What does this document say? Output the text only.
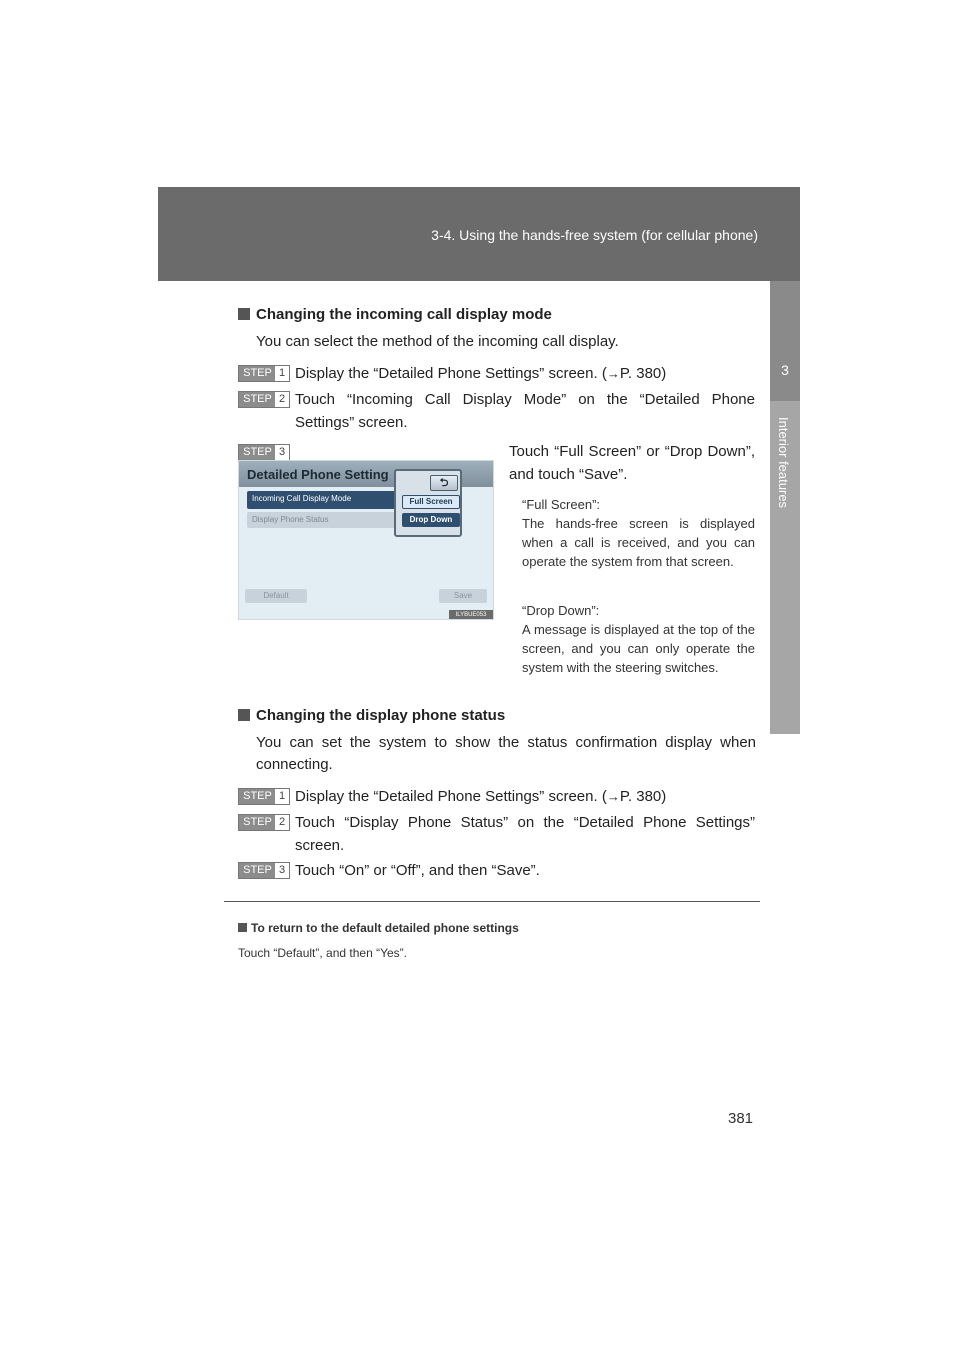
3-4. Using the hands-free system (for cellular phone)
3
Interior features
Changing the incoming call display mode
You can select the method of the incoming call display.
STEP 1 Display the “Detailed Phone Settings” screen. (→P. 380)
STEP 2 Touch “Incoming Call Display Mode” on the “Detailed Phone Settings” screen.
STEP 3	Touch “Full Screen” or “Drop Down”, and touch “Save”.
Detailed Phone Setting
Incoming Call Display Mode
Display Phone Status
⮌
Full Screen
Drop Down
Default	Save
ILYBUE053
“Full Screen”:
The hands-free screen is displayed when a call is received, and you can operate the system from that screen.
“Drop Down”:
A message is displayed at the top of the screen, and you can only operate the system with the steering switches.
Changing the display phone status
You can set the system to show the status confirmation display when connecting.
STEP 1 Display the “Detailed Phone Settings” screen. (→P. 380)
STEP 2 Touch “Display Phone Status” on the “Detailed Phone Settings” screen.
STEP 3 Touch “On” or “Off”, and then “Save”.
To return to the default detailed phone settings
Touch “Default”, and then “Yes”.
381
